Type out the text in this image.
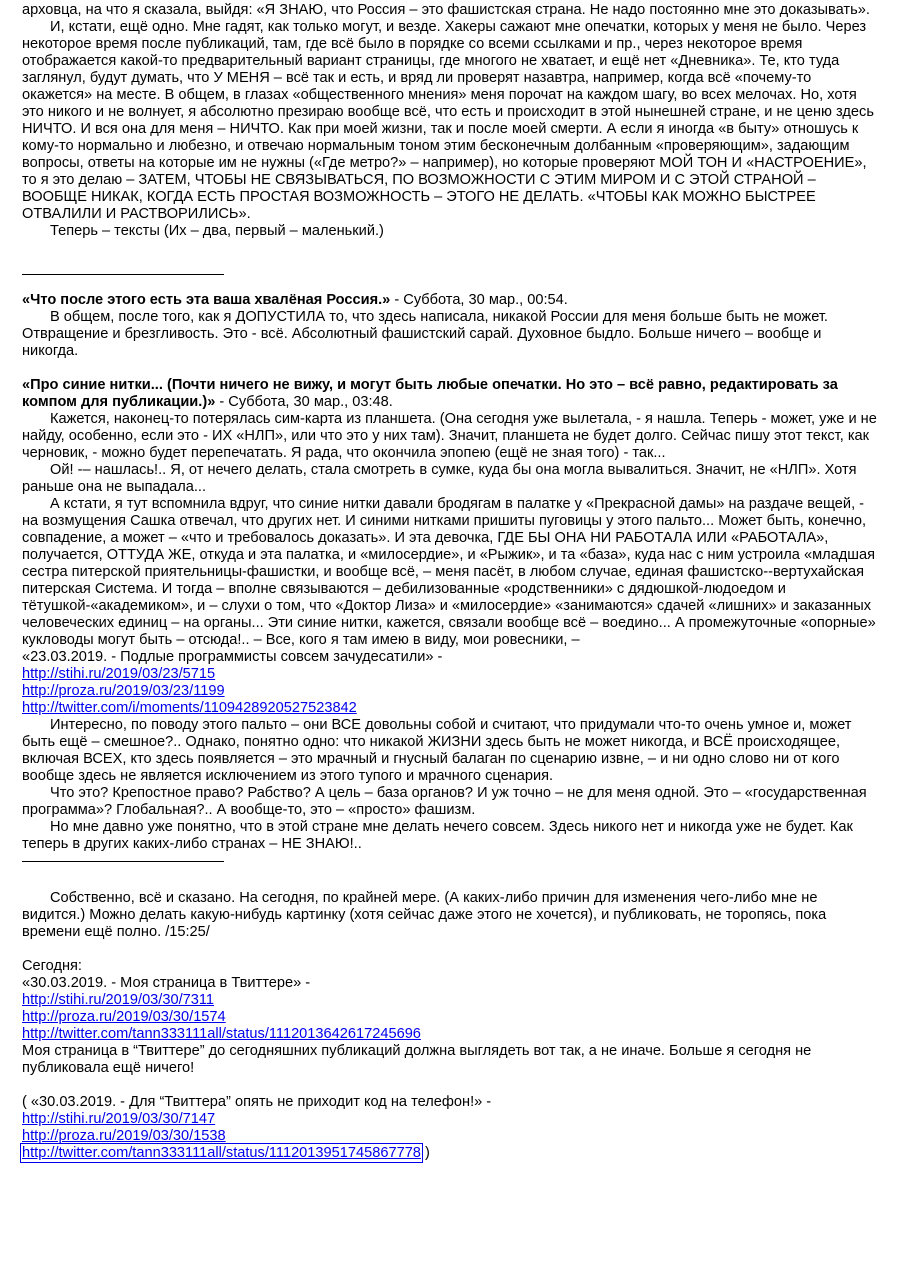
арховца, на что я сказала, выйдя: «Я ЗНАЮ, что Россия – это фашистская страна. Не надо постоянно мне это доказывать».

И, кстати, ещё одно. Мне гадят, как только могут, и везде. Хакеры сажают мне опечатки, которых у меня не было. Через некоторое время после публикаций, там, где всё было в порядке со всеми ссылками и пр., через некоторое время отображается какой-то предварительный вариант страницы, где многого не хватает, и ещё нет «Дневника». Те, кто туда заглянул, будут думать, что У МЕНЯ – всё так и есть, и вряд ли проверят назавтра, например, когда всё «почему-то окажется» на месте. В общем, в глазах «общественного мнения» меня порочат на каждом шагу, во всех мелочах. Но, хотя это никого и не волнует, я абсолютно презираю вообще всё, что есть и происходит в этой нынешней стране, и не ценю здесь НИЧТО. И вся она для меня – НИЧТО. Как при моей жизни, так и после моей смерти. А если я иногда «в быту» отношусь к кому-то нормально и любезно, и отвечаю нормальным тоном этим бесконечным долбанным «проверяющим», задающим вопросы, ответы на которые им не нужны («Где метро?» – например), но которые проверяют МОЙ ТОН И «НАСТРОЕНИЕ», то я это делаю – ЗАТЕМ, ЧТОБЫ НЕ СВЯЗЫВАТЬСЯ, ПО ВОЗМОЖНОСТИ С ЭТИМ МИРОМ И С ЭТОЙ СТРАНОЙ – ВООБЩЕ НИКАК, КОГДА ЕСТЬ ПРОСТАЯ ВОЗМОЖНОСТЬ – ЭТОГО НЕ ДЕЛАТЬ. «ЧТОБЫ КАК МОЖНО БЫСТРЕЕ ОТВАЛИЛИ И РАСТВОРИЛИСЬ».

Теперь – тексты (Их – два, первый – маленький.)

«Что после этого есть эта ваша хвалёная Россия.» - Суббота, 30 мар., 00:54.

В общем, после того, как я ДОПУСТИЛА то, что здесь написала, никакой России для меня больше быть не может. Отвращение и брезгливость. Это - всё. Абсолютный фашистский сарай. Духовное быдло. Больше ничего – вообще и никогда.

«Про синие нитки... (Почти ничего не вижу, и могут быть любые опечатки. Но это – всё равно, редактировать за компом для публикации.)» - Суббота, 30 мар., 03:48.

Кажется, наконец-то потерялась сим-карта из планшета. (Она сегодня уже вылетала, - я нашла. Теперь - может, уже и не найду, особенно, если это - ИХ «НЛП», или что это у них там). Значит, планшета не будет долго. Сейчас пишу этот текст, как черновик, - можно будет перепечатать. Я рада, что окончила эпопею (ещё не зная того) - так...

Ой! -– нашлась!.. Я, от нечего делать, стала смотреть в сумке, куда бы она могла вывалиться. Значит, не «НЛП». Хотя раньше она не выпадала...

А кстати, я тут вспомнила вдруг, что синие нитки давали бродягам в палатке у «Прекрасной дамы» на раздаче вещей, - на возмущения Сашка отвечал, что других нет. И синими нитками пришиты пуговицы у этого пальто... Может быть, конечно, совпадение, а может – «что и требовалось доказать». И эта девочка, ГДЕ БЫ ОНА НИ РАБОТАЛА ИЛИ «РАБОТАЛА», получается, ОТТУДА ЖЕ, откуда и эта палатка, и «милосердие», и «Рыжик», и та «база», куда нас с ним устроила «младшая сестра питерской приятельницы-фашистки, и вообще всё, – меня пасёт, в любом случае, единая фашистско--вертухайская питерская Система. И тогда – вполне связываются – дебилизованные «родственники» с дядюшкой-людоедом и тётушкой-«академиком», и – слухи о том, что «Доктор Лиза» и «милосердие» «занимаются» сдачей «лишних» и заказанных человеческих единиц – на органы... Эти синие нитки, кажется, связали вообще всё – воедино... А промежуточные «опорные» кукловоды могут быть – отсюда!.. – Все, кого я там имею в виду, мои ровесники, –

«23.03.2019. - Подлые программисты совсем зачудесатили» -

http://stihi.ru/2019/03/23/5715

http://proza.ru/2019/03/23/1199

http://twitter.com/i/moments/1109428920527523842

Интересно, по поводу этого пальто – они ВСЕ довольны собой и считают, что придумали что-то очень умное и, может быть ещё – смешное?.. Однако, понятно одно: что никакой ЖИЗНИ здесь быть не может никогда, и ВСЁ происходящее, включая ВСЕХ, кто здесь появляется – это мрачный и гнусный балаган по сценарию извне, – и ни одно слово ни от кого вообще здесь не является исключением из этого тупого и мрачного сценария.

Что это? Крепостное право? Рабство? А цель – база органов? И уж точно – не для меня одной. Это – «государственная программа»? Глобальная?.. А вообще-то, это – «просто» фашизм.

Но мне давно уже понятно, что в этой стране мне делать нечего совсем. Здесь никого нет и никогда уже не будет. Как теперь в других каких-либо странах – НЕ ЗНАЮ!..

Собственно, всё и сказано. На сегодня, по крайней мере. (А каких-либо причин для изменения чего-либо мне не видится.) Можно делать какую-нибудь картинку (хотя сейчас даже этого не хочется), и публиковать, не торопясь, пока времени ещё полно. /15:25/

Сегодня:

«30.03.2019. - Моя страница в Твиттере» -

http://stihi.ru/2019/03/30/7311

http://proza.ru/2019/03/30/1574

http://twitter.com/tann333111all/status/1112013642617245696

Моя страница в “Твиттере” до сегодняшних публикаций должна выглядеть вот так, а не иначе. Больше я сегодня не публиковала ещё ничего!

( «30.03.2019. - Для “Твиттера” опять не приходит код на телефон!» -

http://stihi.ru/2019/03/30/7147

http://proza.ru/2019/03/30/1538

http://twitter.com/tann333111all/status/1112013951745867778 )
